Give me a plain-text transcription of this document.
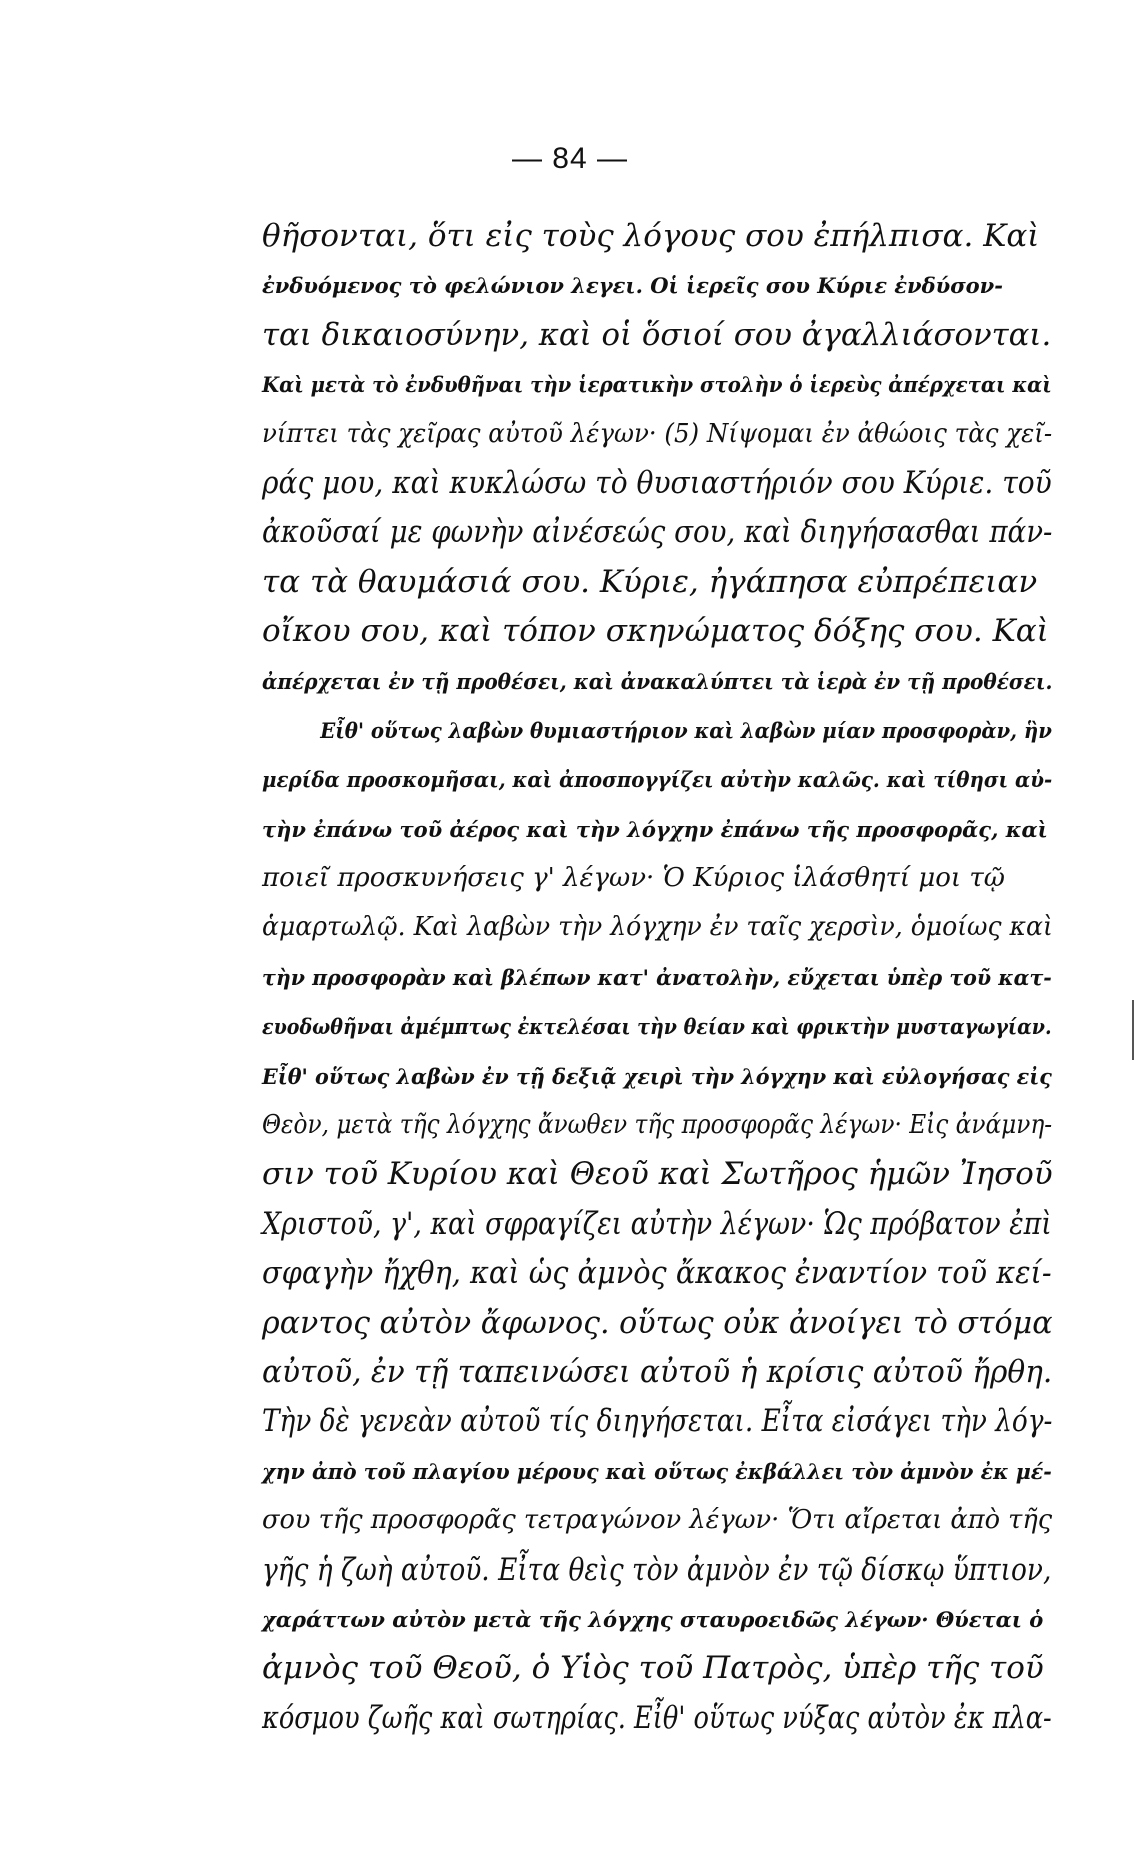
— 84 —
θῆσονται, ὅτι εἰς τοὺς λόγους σου ἐπήλπισα. Καὶ
ἐνδυόμενος τὸ φελώνιον λεγει. Οἱ ἱερεῖς σου Κύριε ἐνδύσον-
ται δικαιοσύνην, καὶ οἱ ὅσιοί σου ἀγαλλιάσονται.
Καὶ μετὰ τὸ ἐνδυθῆναι τὴν ἱερατικὴν στολὴν ὁ ἱερεὺς ἀπέρχεται καὶ
νίπτει τὰς χεῖρας αὐτοῦ λέγων· (5) Νίψομαι ἐν ἀθώοις τὰς χεῖ-
ράς μου, καὶ κυκλώσω τὸ θυσιαστήριόν σου Κύριε. τοῦ
ἀκοῦσαί με φωνὴν αἰνέσεώς σου, καὶ διηγήσασθαι πάν-
τα τὰ θαυμάσιά σου. Κύριε, ἠγάπησα εὐπρέπειαν
οἴκου σου, καὶ τόπον σκηνώματος δόξης σου. Καὶ
ἀπέρχεται ἐν τῇ προθέσει, καὶ ἀνακαλύπτει τὰ ἱερὰ ἐν τῇ προθέσει.
Εἶθ' οὕτως λαβὼν θυμιαστήριον καὶ λαβὼν μίαν προσφορὰν, ἣν
μερίδα προσκομῆσαι, καὶ ἀποσπογγίζει αὐτὴν καλῶς. καὶ τίθησι αὐ-
τὴν ἐπάνω τοῦ ἀέρος καὶ τὴν λόγχην ἐπάνω τῆς προσφορᾶς, καὶ
ποιεῖ προσκυνήσεις γ' λέγων· Ὁ Κύριος ἱλάσθητί μοι τῷ
ἁμαρτωλῷ. Καὶ λαβὼν τὴν λόγχην ἐν ταῖς χερσὶν, ὁμοίως καὶ
τὴν προσφορὰν καὶ βλέπων κατ' ἀνατολὴν, εὔχεται ὑπὲρ τοῦ κατ-
ευοδωθῆναι ἀμέμπτως ἐκτελέσαι τὴν θείαν καὶ φρικτὴν μυσταγωγίαν.
Εἶθ' οὕτως λαβὼν ἐν τῇ δεξιᾷ χειρὶ τὴν λόγχην καὶ εὐλογήσας εἰς
Θεὸν, μετὰ τῆς λόγχης ἄνωθεν τῆς προσφορᾶς λέγων· Εἰς ἀνάμνη-
σιν τοῦ Κυρίου καὶ Θεοῦ καὶ Σωτῆρος ἡμῶν Ἰησοῦ
Χριστοῦ, γ', καὶ σφραγίζει αὐτὴν λέγων· Ὡς πρόβατον ἐπὶ
σφαγὴν ἤχθη, καὶ ὡς ἀμνὸς ἄκακος ἐναντίον τοῦ κεί-
ραντος αὐτὸν ἄφωνος. οὕτως οὐκ ἀνοίγει τὸ στόμα
αὐτοῦ, ἐν τῇ ταπεινώσει αὐτοῦ ἡ κρίσις αὐτοῦ ἤρθη.
Τὴν δὲ γενεὰν αὐτοῦ τίς διηγήσεται. Εἶτα εἰσάγει τὴν λόγ-
χην ἀπὸ τοῦ πλαγίου μέρους καὶ οὕτως ἐκβάλλει τὸν ἀμνὸν ἐκ μέ-
σου τῆς προσφορᾶς τετραγώνον λέγων· Ὅτι αἴρεται ἀπὸ τῆς
γῆς ἡ ζωὴ αὐτοῦ. Εἶτα θεὶς τὸν ἀμνὸν ἐν τῷ δίσκῳ ὕπτιον,
χαράττων αὐτὸν μετὰ τῆς λόγχης σταυροειδῶς λέγων· Θύεται ὁ
ἀμνὸς τοῦ Θεοῦ, ὁ Υἱὸς τοῦ Πατρὸς, ὑπὲρ τῆς τοῦ
κόσμου ζωῆς καὶ σωτηρίας. Εἶθ' οὕτως νύξας αὐτὸν ἐκ πλα-
